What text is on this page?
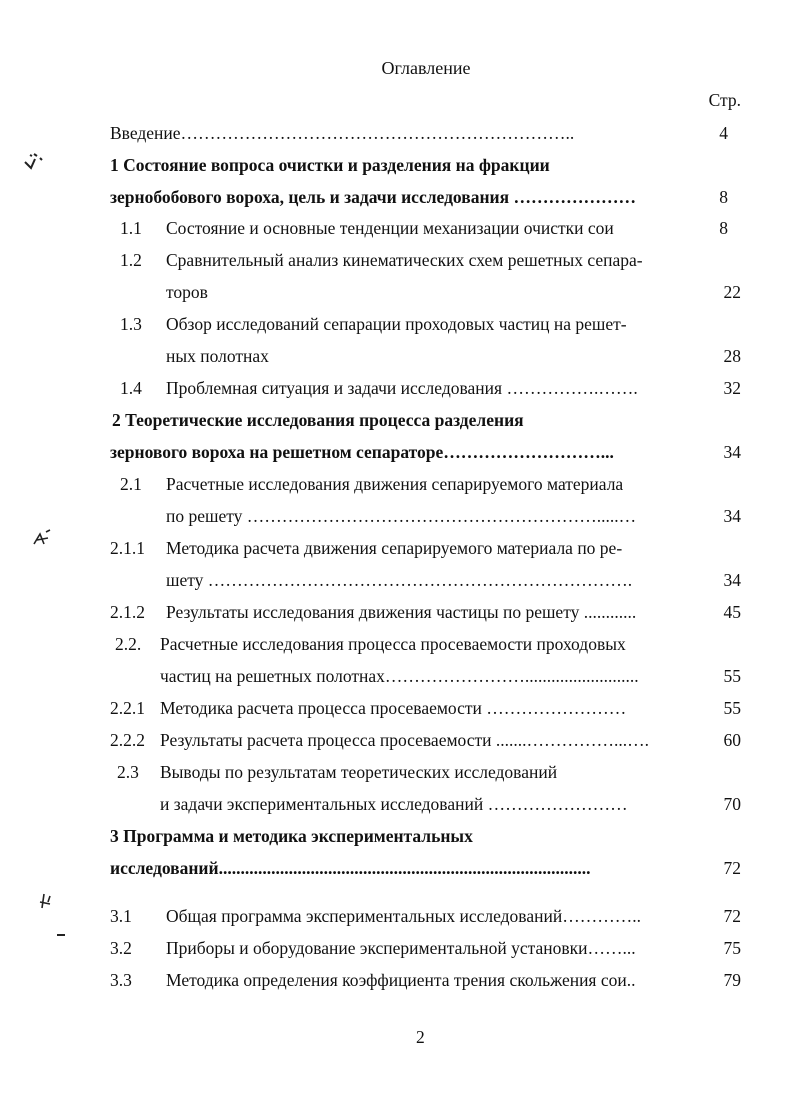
Оглавление
Стр.
Введение…………………………………………………………..	4
1 Состояние вопроса очистки и разделения на фракции
зернобобового вороха, цель и задачи исследования …………………	8
1.1 Состояние и основные тенденции механизации очистки сои	8
1.2 Сравнительный анализ кинематических схем решетных сепара-
торов	22
1.3 Обзор исследований сепарации проходовых частиц на решет-
ных полотнах	28
1.4 Проблемная ситуация и задачи исследования …………….…….	32
2 Теоретические исследования процесса разделения
зернового вороха на решетном сепараторе………………………...	34
2.1 Расчетные исследования движения сепарируемого материала
по решету …………………………………………………….....…	34
2.1.1 Методика расчета движения сепарируемого материала по ре-
шету ……………………………………………………………….	34
2.1.2 Результаты исследования движения частицы по решету ............	45
2.2. Расчетные исследования процесса просеваемости проходовых
частиц на решетных полотнах……………………..........................	55
2.2.1 Методика расчета процесса просеваемости ……………………	55
2.2.2 Результаты расчета процесса просеваемости .......……………...….	60
2.3 Выводы по результатам теоретических исследований
и задачи экспериментальных исследований ……………………	70
3 Программа и методика экспериментальных
исследований.....................................................................................	72
3.1 Общая программа экспериментальных исследований…………..	72
3.2 Приборы и оборудование экспериментальной установки……...	75
3.3 Методика определения коэффициента трения скольжения сои..	79
2
